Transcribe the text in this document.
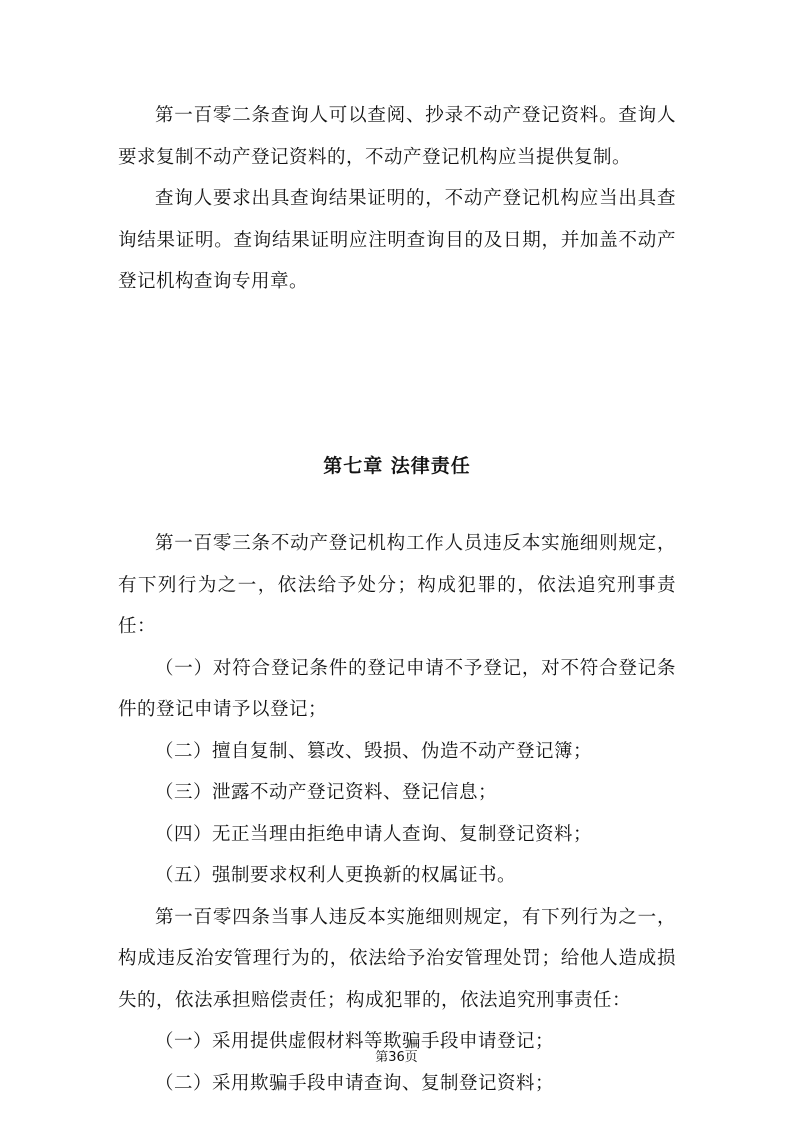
第一百零二条查询人可以查阅、抄录不动产登记资料。查询人要求复制不动产登记资料的，不动产登记机构应当提供复制。

查询人要求出具查询结果证明的，不动产登记机构应当出具查询结果证明。查询结果证明应注明查询目的及日期，并加盖不动产登记机构查询专用章。

第七章 法律责任

第一百零三条不动产登记机构工作人员违反本实施细则规定，有下列行为之一，依法给予处分；构成犯罪的，依法追究刑事责任：

（一）对符合登记条件的登记申请不予登记，对不符合登记条件的登记申请予以登记；

（二）擅自复制、篡改、毁损、伪造不动产登记簿；

（三）泄露不动产登记资料、登记信息；

（四）无正当理由拒绝申请人查询、复制登记资料；

（五）强制要求权利人更换新的权属证书。

第一百零四条当事人违反本实施细则规定，有下列行为之一，构成违反治安管理行为的，依法给予治安管理处罚；给他人造成损失的，依法承担赔偿责任；构成犯罪的，依法追究刑事责任：

（一）采用提供虚假材料等欺骗手段申请登记；

（二）采用欺骗手段申请查询、复制登记资料；

第36页
